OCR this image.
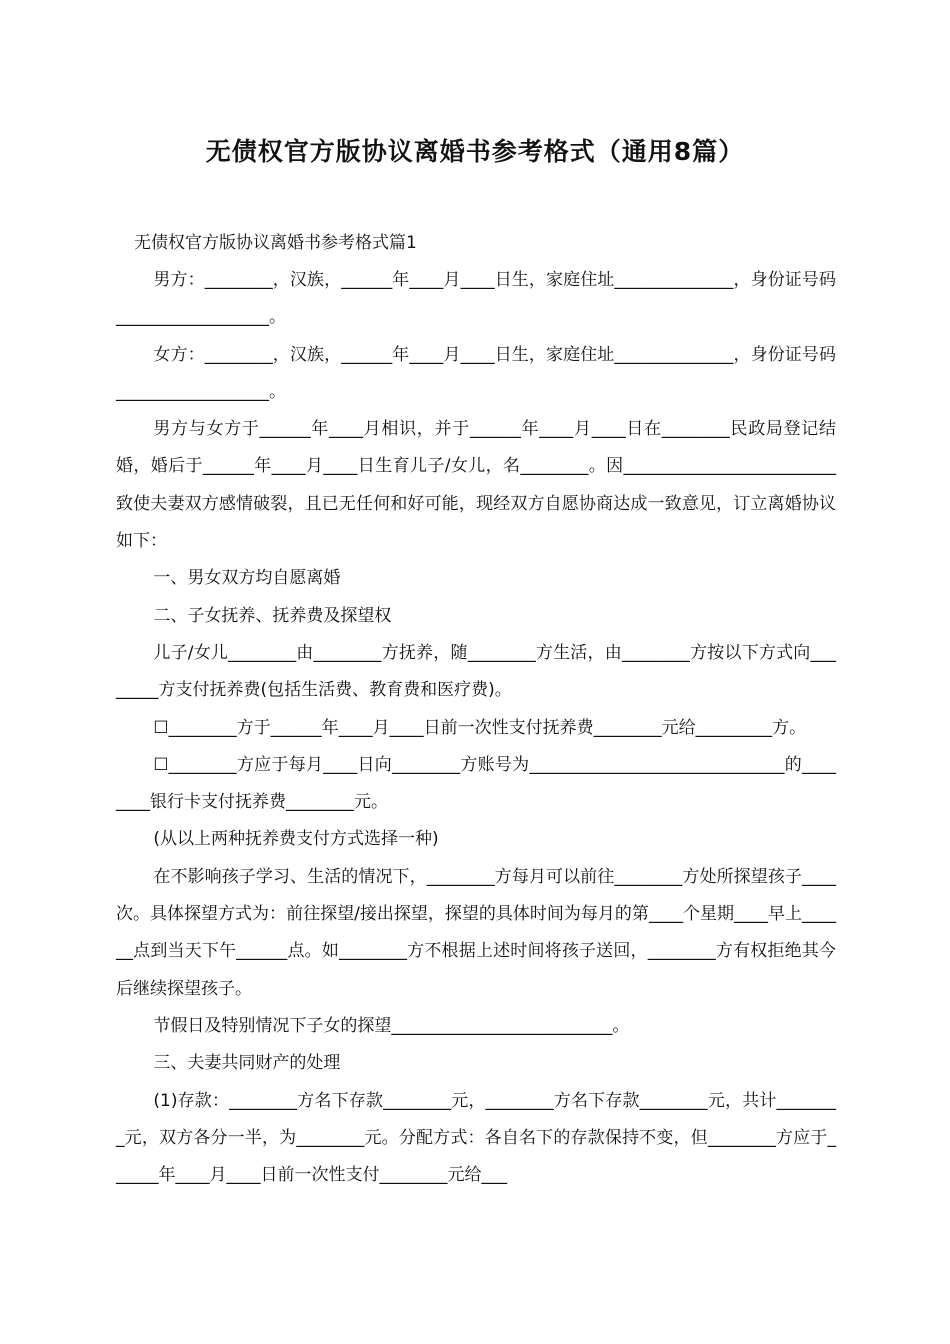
无债权官方版协议离婚书参考格式（通用8篇）
无债权官方版协议离婚书参考格式篇1

男方：________，汉族，______年____月____日生，家庭住址______________，身份证号码__________________。

女方：________，汉族，______年____月____日生，家庭住址______________，身份证号码__________________。

男方与女方于______年____月相识，并于______年____月____日在________民政局登记结婚，婚后于______年____月____日生育儿子/女儿，名________。因_________________________致使夫妻双方感情破裂，且已无任何和好可能，现经双方自愿协商达成一致意见，订立离婚协议如下：

一、男女双方均自愿离婚

二、子女抚养、抚养费及探望权

儿子/女儿________由________方抚养，随________方生活，由________方按以下方式向________方支付抚养费(包括生活费、教育费和医疗费)。

☐________方于______年____月____日前一次性支付抚养费________元给_________方。

☐________方应于每月____日向________方账号为______________________________的________银行卡支付抚养费________元。

(从以上两种抚养费支付方式选择一种)

在不影响孩子学习、生活的情况下，________方每月可以前往________方处所探望孩子____次。具体探望方式为：前往探望/接出探望，探望的具体时间为每月的第____个星期____早上______点到当天下午______点。如________方不根据上述时间将孩子送回，________方有权拒绝其今后继续探望孩子。

节假日及特别情况下子女的探望__________________________。

三、夫妻共同财产的处理

(1)存款：________方名下存款________元，________方名下存款________元，共计________元，双方各分一半，为________元。分配方式：各自名下的存款保持不变，但________方应于______年____月____日前一次性支付________元给___
